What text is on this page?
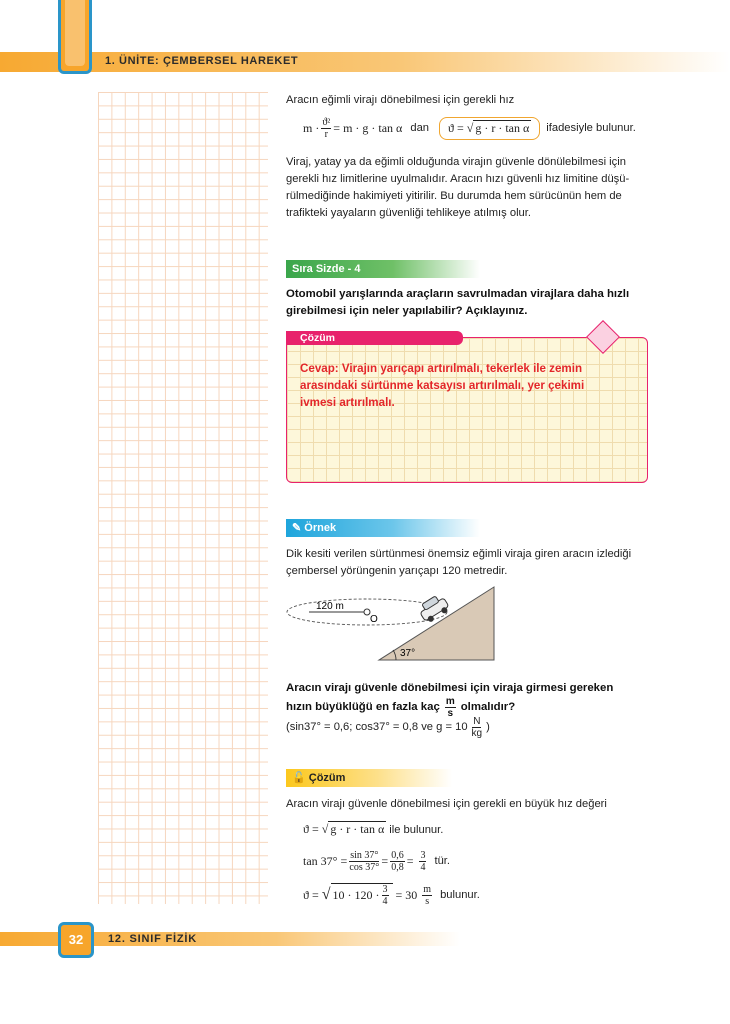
1. ÜNİTE: ÇEMBERSEL HAREKET
Aracın eğimli virajı dönebilmesi için gerekli hız
$m \cdot \frac{\text{ϑ²}}{r} = m \cdot g \cdot \tan \alpha$ dan	ϑ = √ g · r · tan α	ifadesiyle bulunur.
Viraj, yatay ya da eğimli olduğunda virajın güvenle dönülebilmesi için gerekli hız limitlerine uyulmalıdır. Aracın hızı güvenli hız limitine düşü-rülmediğinde hakimiyeti yitirilir. Bu durumda hem sürücünün hem de trafikteki yayaların güvenliği tehlikeye atılmış olur.
Sıra Sizde - 4
Otomobil yarışlarında araçların savrulmadan virajlara daha hızlı girebilmesi için neler yapılabilir? Açıklayınız.
Çözüm
Cevap: Virajın yarıçapı artırılmalı, tekerlek ile zemin arasındaki sürtünme katsayısı artırılmalı, yer çekimi ivmesi artırılmalı.
✎ Örnek
Dik kesiti verilen sürtünmesi önemsiz eğimli viraja giren aracın izlediği çembersel yörüngenin yarıçapı 120 metredir.
120 m
O
37°
Aracın virajı güvenle dönebilmesi için viraja girmesi gereken
hızın büyüklüğü en fazla kaç $\frac{m}{s}$ olmalıdır?
(sin37° = 0,6; cos37° = 0,8 ve $g = 10 \frac{N}{kg}$ )
🔓 Çözüm
Aracın virajı güvenle dönebilmesi için gerekli en büyük hız değeri
ϑ = √ g · r · tan α ile bulunur.
$\tan 37^\circ = \frac{\sin 37^\circ}{\cos 37^\circ} = \frac{0,6}{0,8} = \frac{3}{4}$ tür.
ϑ = √ $10 \cdot 120 \cdot \frac{3}{4} = 30 \frac{m}{s}$ bulunur.
32	12. SINIF FİZİK
